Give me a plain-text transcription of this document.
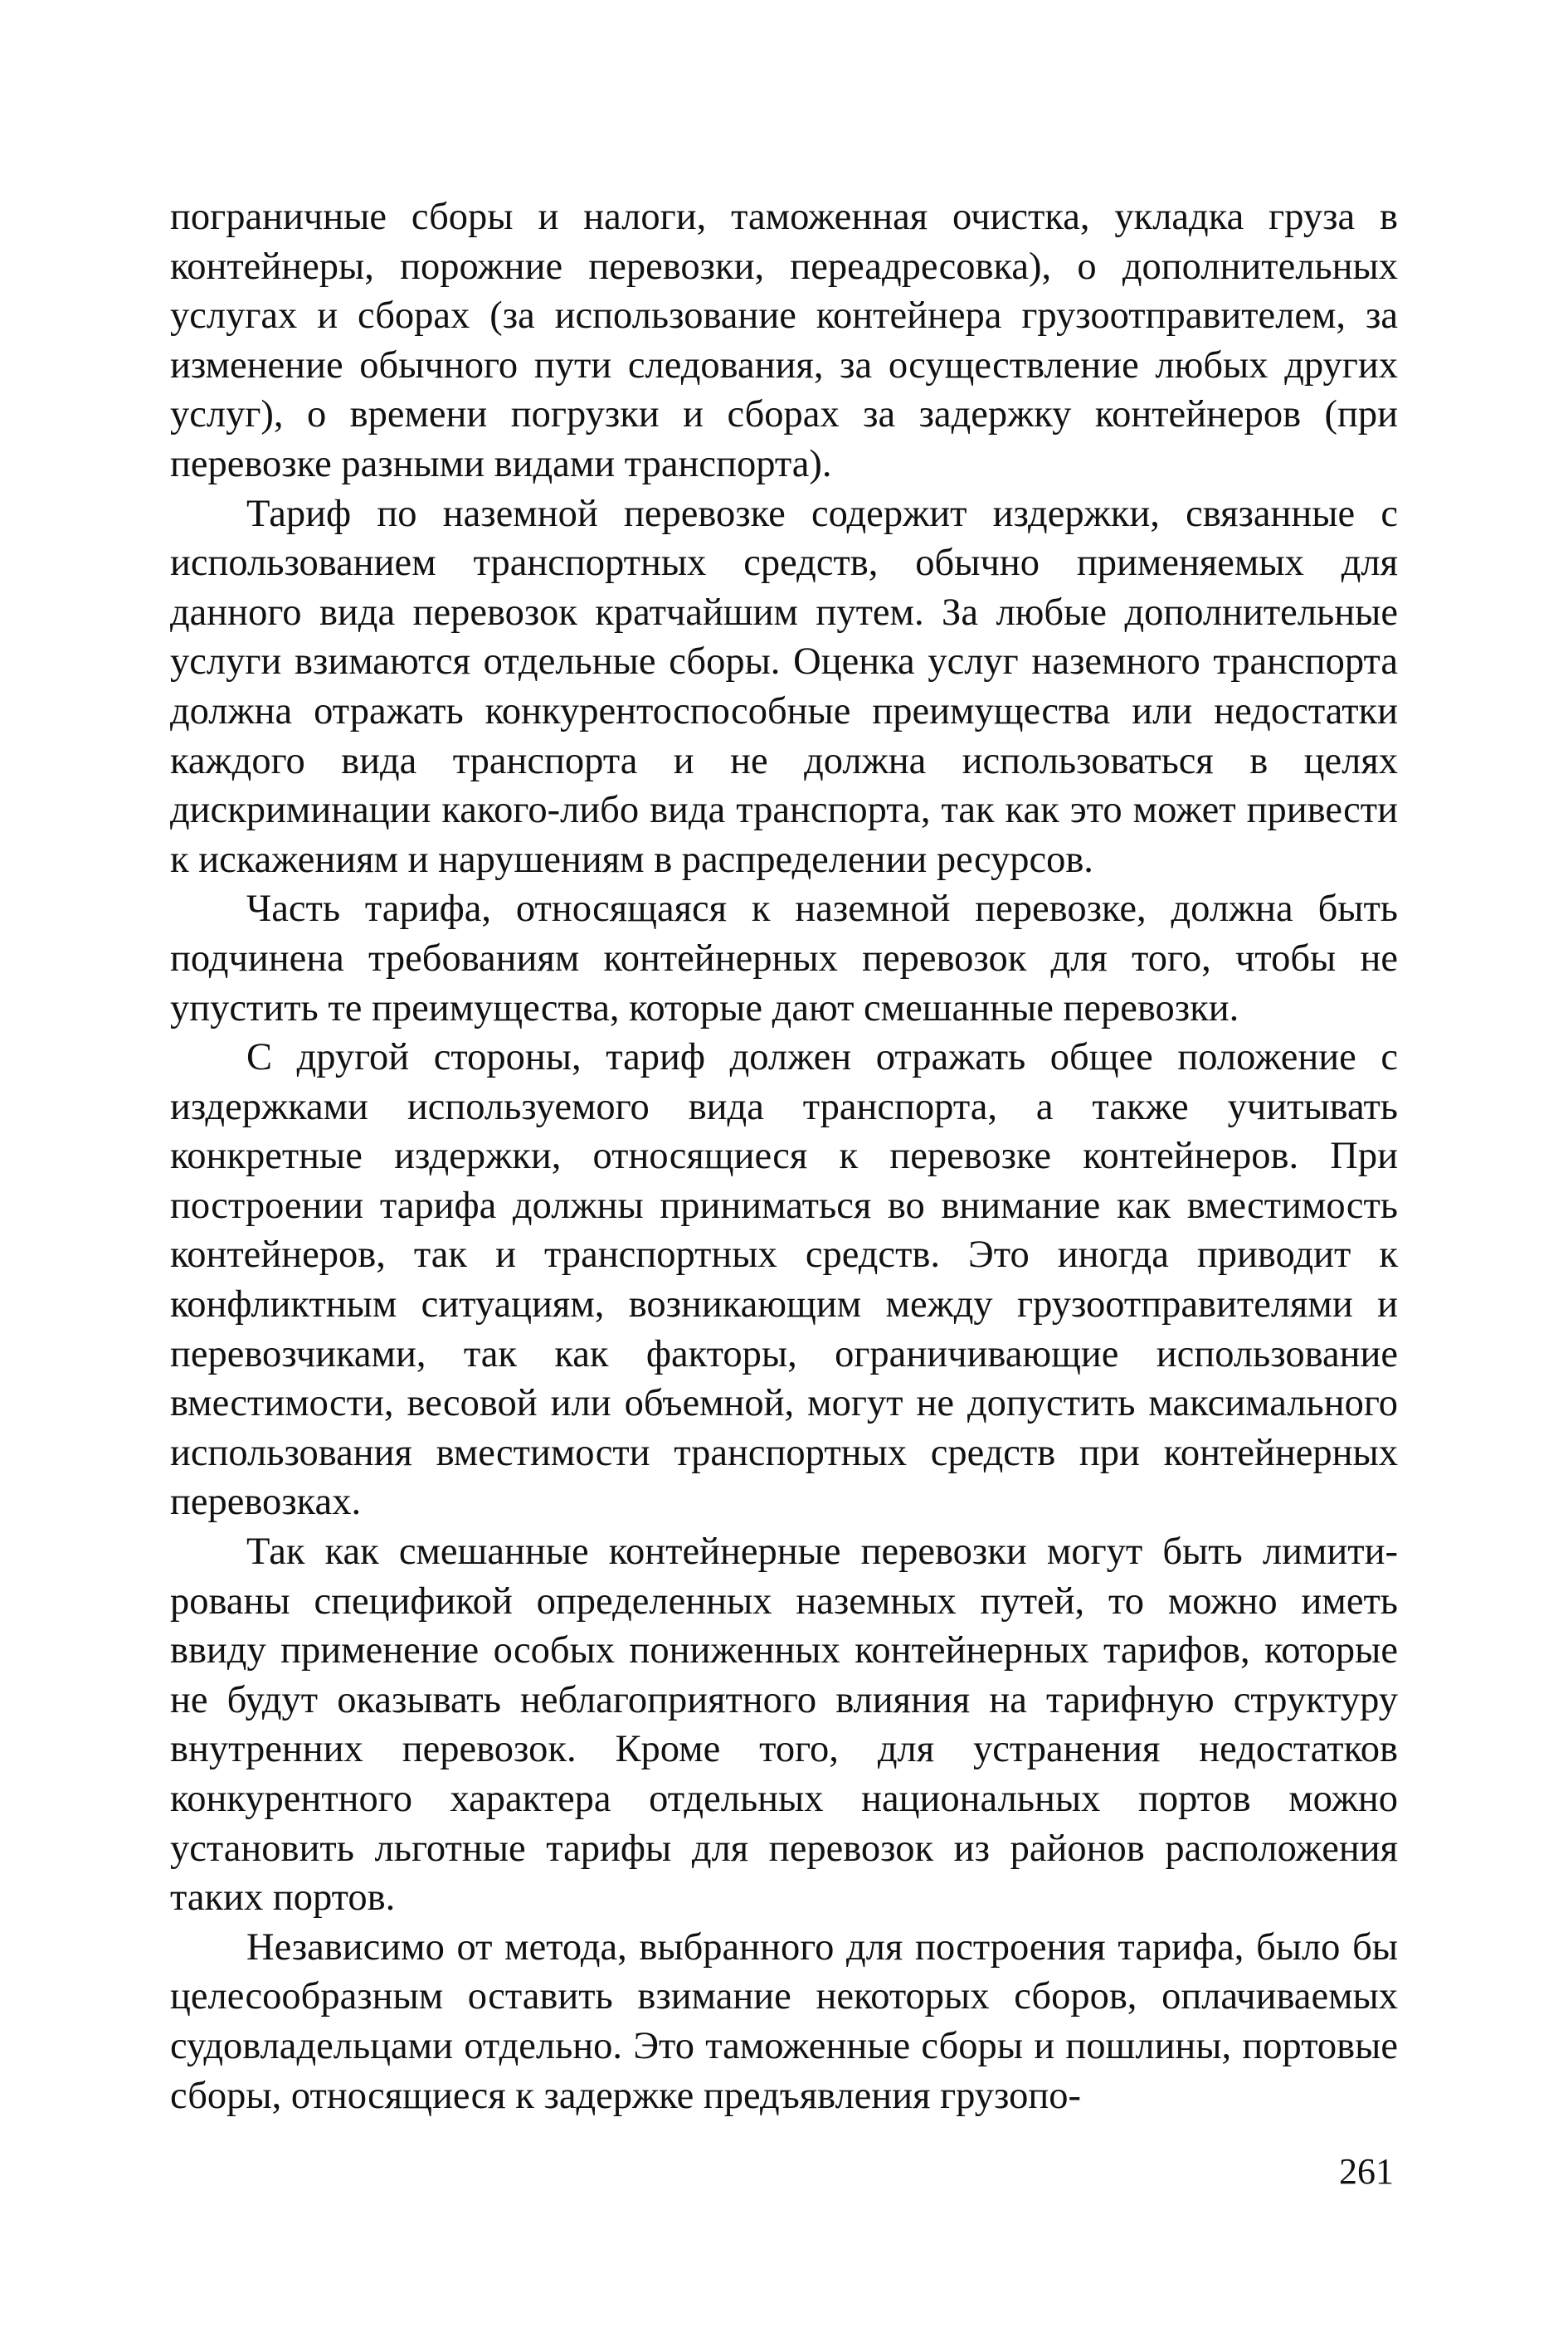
пограничные сборы и налоги, таможенная очистка, укладка груза в контейнеры, порожние перевозки, переадресовка), о дополнительных услугах и сборах (за использование контейнера грузоотправителем, за изменение обычного пути следования, за осуществление любых других услуг), о времени погрузки и сборах за задержку контейнеров (при перевозке разными видами транспорта).

Тариф по наземной перевозке содержит издержки, связанные с использованием транспортных средств, обычно применяемых для данного вида перевозок кратчайшим путем. За любые дополнительные услуги взимаются отдельные сборы. Оценка услуг наземного транспорта должна отражать конкурентоспособные преимущества или недостатки каждого вида транспорта и не должна использоваться в целях дискриминации какого-либо вида транспорта, так как это может привести к искажениям и нарушениям в распределении ресурсов.

Часть тарифа, относящаяся к наземной перевозке, должна быть подчинена требованиям контейнерных перевозок для того, чтобы не упустить те преимущества, которые дают смешанные перевозки.

С другой стороны, тариф должен отражать общее положение с издержками используемого вида транспорта, а также учитывать конкретные издержки, относящиеся к перевозке контейнеров. При построении тарифа должны приниматься во внимание как вместимость контейнеров, так и транспортных средств. Это иногда приводит к конфликтным ситуациям, возникающим между грузоотправителями и перевозчиками, так как факторы, ограничивающие использование вместимости, весовой или объемной, могут не допустить максимального использования вместимости транспортных средств при контейнерных перевозках.

Так как смешанные контейнерные перевозки могут быть лимитированы спецификой определенных наземных путей, то можно иметь ввиду применение особых пониженных контейнерных тарифов, которые не будут оказывать неблагоприятного влияния на тарифную структуру внутренних перевозок. Кроме того, для устранения недостатков конкурентного характера отдельных национальных портов можно установить льготные тарифы для перевозок из районов расположения таких портов.

Независимо от метода, выбранного для построения тарифа, было бы целесообразным оставить взимание некоторых сборов, оплачиваемых судовладельцами отдельно. Это таможенные сборы и пошлины, портовые сборы, относящиеся к задержке предъявления грузопо-

261
